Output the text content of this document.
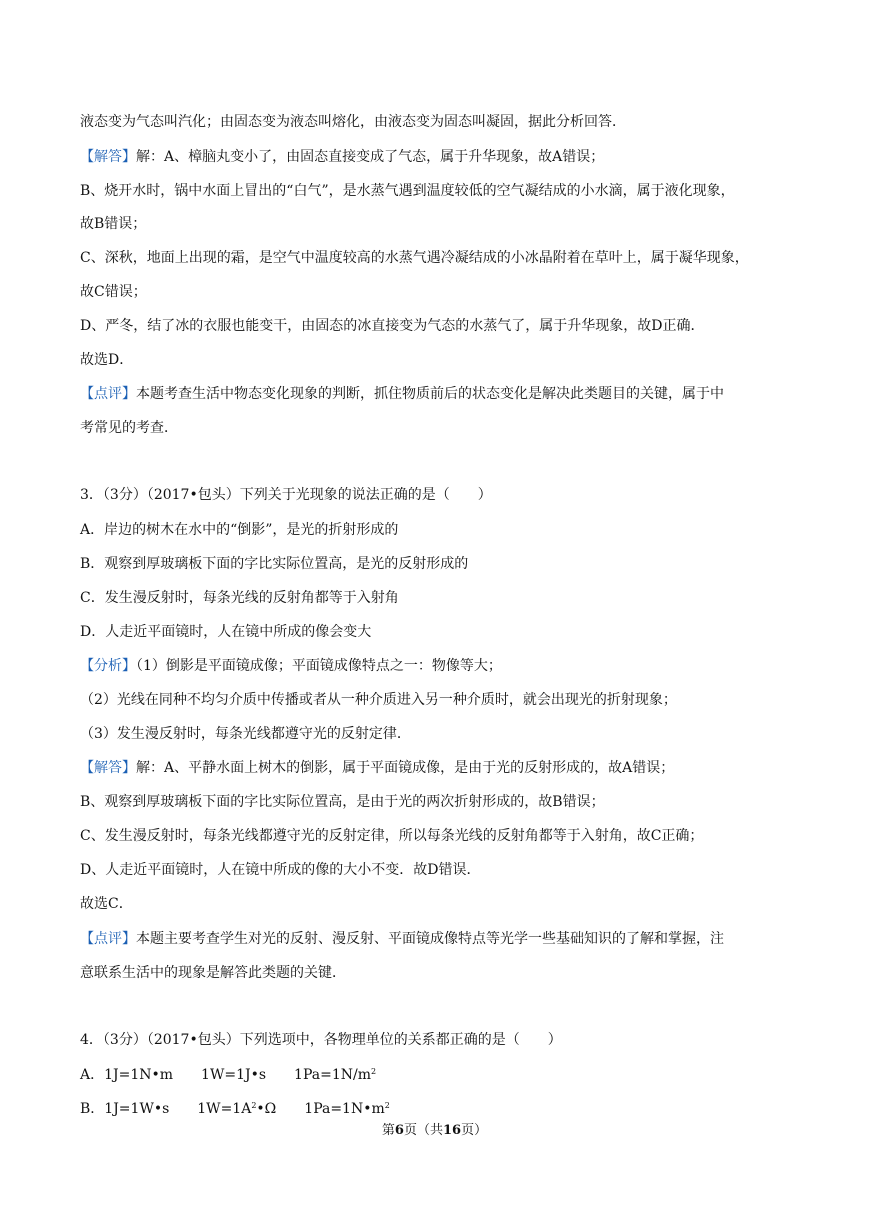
液态变为气态叫汽化；由固态变为液态叫熔化，由液态变为固态叫凝固，据此分析回答．
【解答】解：A、樟脑丸变小了，由固态直接变成了气态，属于升华现象，故A错误；
B、烧开水时，锅中水面上冒出的“白气”，是水蒸气遇到温度较低的空气凝结成的小水滴，属于液化现象，
故B错误；
C、深秋，地面上出现的霜，是空气中温度较高的水蒸气遇冷凝结成的小冰晶附着在草叶上，属于凝华现象，
故C错误；
D、严冬，结了冰的衣服也能变干，由固态的冰直接变为气态的水蒸气了，属于升华现象，故D正确．
故选D．
【点评】本题考查生活中物态变化现象的判断，抓住物质前后的状态变化是解决此类题目的关键，属于中
考常见的考查．
3．（3分）（2017•包头）下列关于光现象的说法正确的是（　　）
A．岸边的树木在水中的“倒影”，是光的折射形成的
B．观察到厚玻璃板下面的字比实际位置高，是光的反射形成的
C．发生漫反射时，每条光线的反射角都等于入射角
D．人走近平面镜时，人在镜中所成的像会变大
【分析】（1）倒影是平面镜成像；平面镜成像特点之一：物像等大；
（2）光线在同种不均匀介质中传播或者从一种介质进入另一种介质时，就会出现光的折射现象；
（3）发生漫反射时，每条光线都遵守光的反射定律．
【解答】解：A、平静水面上树木的倒影，属于平面镜成像，是由于光的反射形成的，故A错误；
B、观察到厚玻璃板下面的字比实际位置高，是由于光的两次折射形成的，故B错误；
C、发生漫反射时，每条光线都遵守光的反射定律，所以每条光线的反射角都等于入射角，故C正确；
D、人走近平面镜时，人在镜中所成的像的大小不变．故D错误．
故选C．
【点评】本题主要考查学生对光的反射、漫反射、平面镜成像特点等光学一些基础知识的了解和掌握，注
意联系生活中的现象是解答此类题的关键．
4．（3分）（2017•包头）下列选项中，各物理单位的关系都正确的是（　　）
A．1J=1N•m　　1W=1J•s　　$1Pa=1N/m^2$
B．1J=1W•s　　$1W=1A^2•\Omega$　　$1Pa=1N•m^2$
第6页（共16页）
